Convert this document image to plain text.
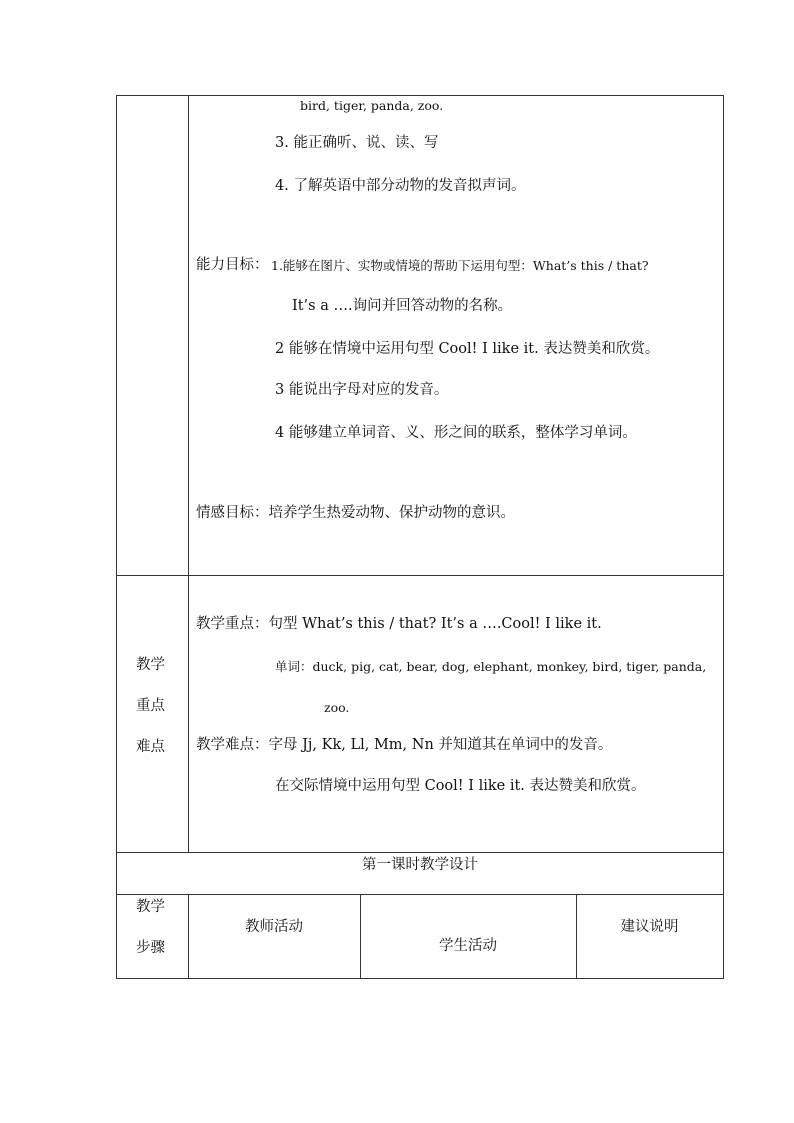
bird, tiger, panda, zoo.
3. 能正确听、说、读、写
4. 了解英语中部分动物的发音拟声词。
能力目标： 1.能够在图片、实物或情境的帮助下运用句型：What’s this / that?
It’s a ….询问并回答动物的名称。
2 能够在情境中运用句型 Cool! I like it. 表达赞美和欣赏。
3 能说出字母对应的发音。
4 能够建立单词音、义、形之间的联系，整体学习单词。
情感目标：培养学生热爱动物、保护动物的意识。
教学
重点
难点
教学重点：句型 What’s this / that? It’s a ….Cool! I like it.
单词：duck, pig, cat, bear, dog, elephant, monkey, bird, tiger, panda,
zoo.
教学难点：字母 Jj, Kk, Ll, Mm, Nn 并知道其在单词中的发音。
在交际情境中运用句型 Cool! I like it. 表达赞美和欣赏。
第一课时教学设计
教学
步骤
教师活动
学生活动
建议说明
